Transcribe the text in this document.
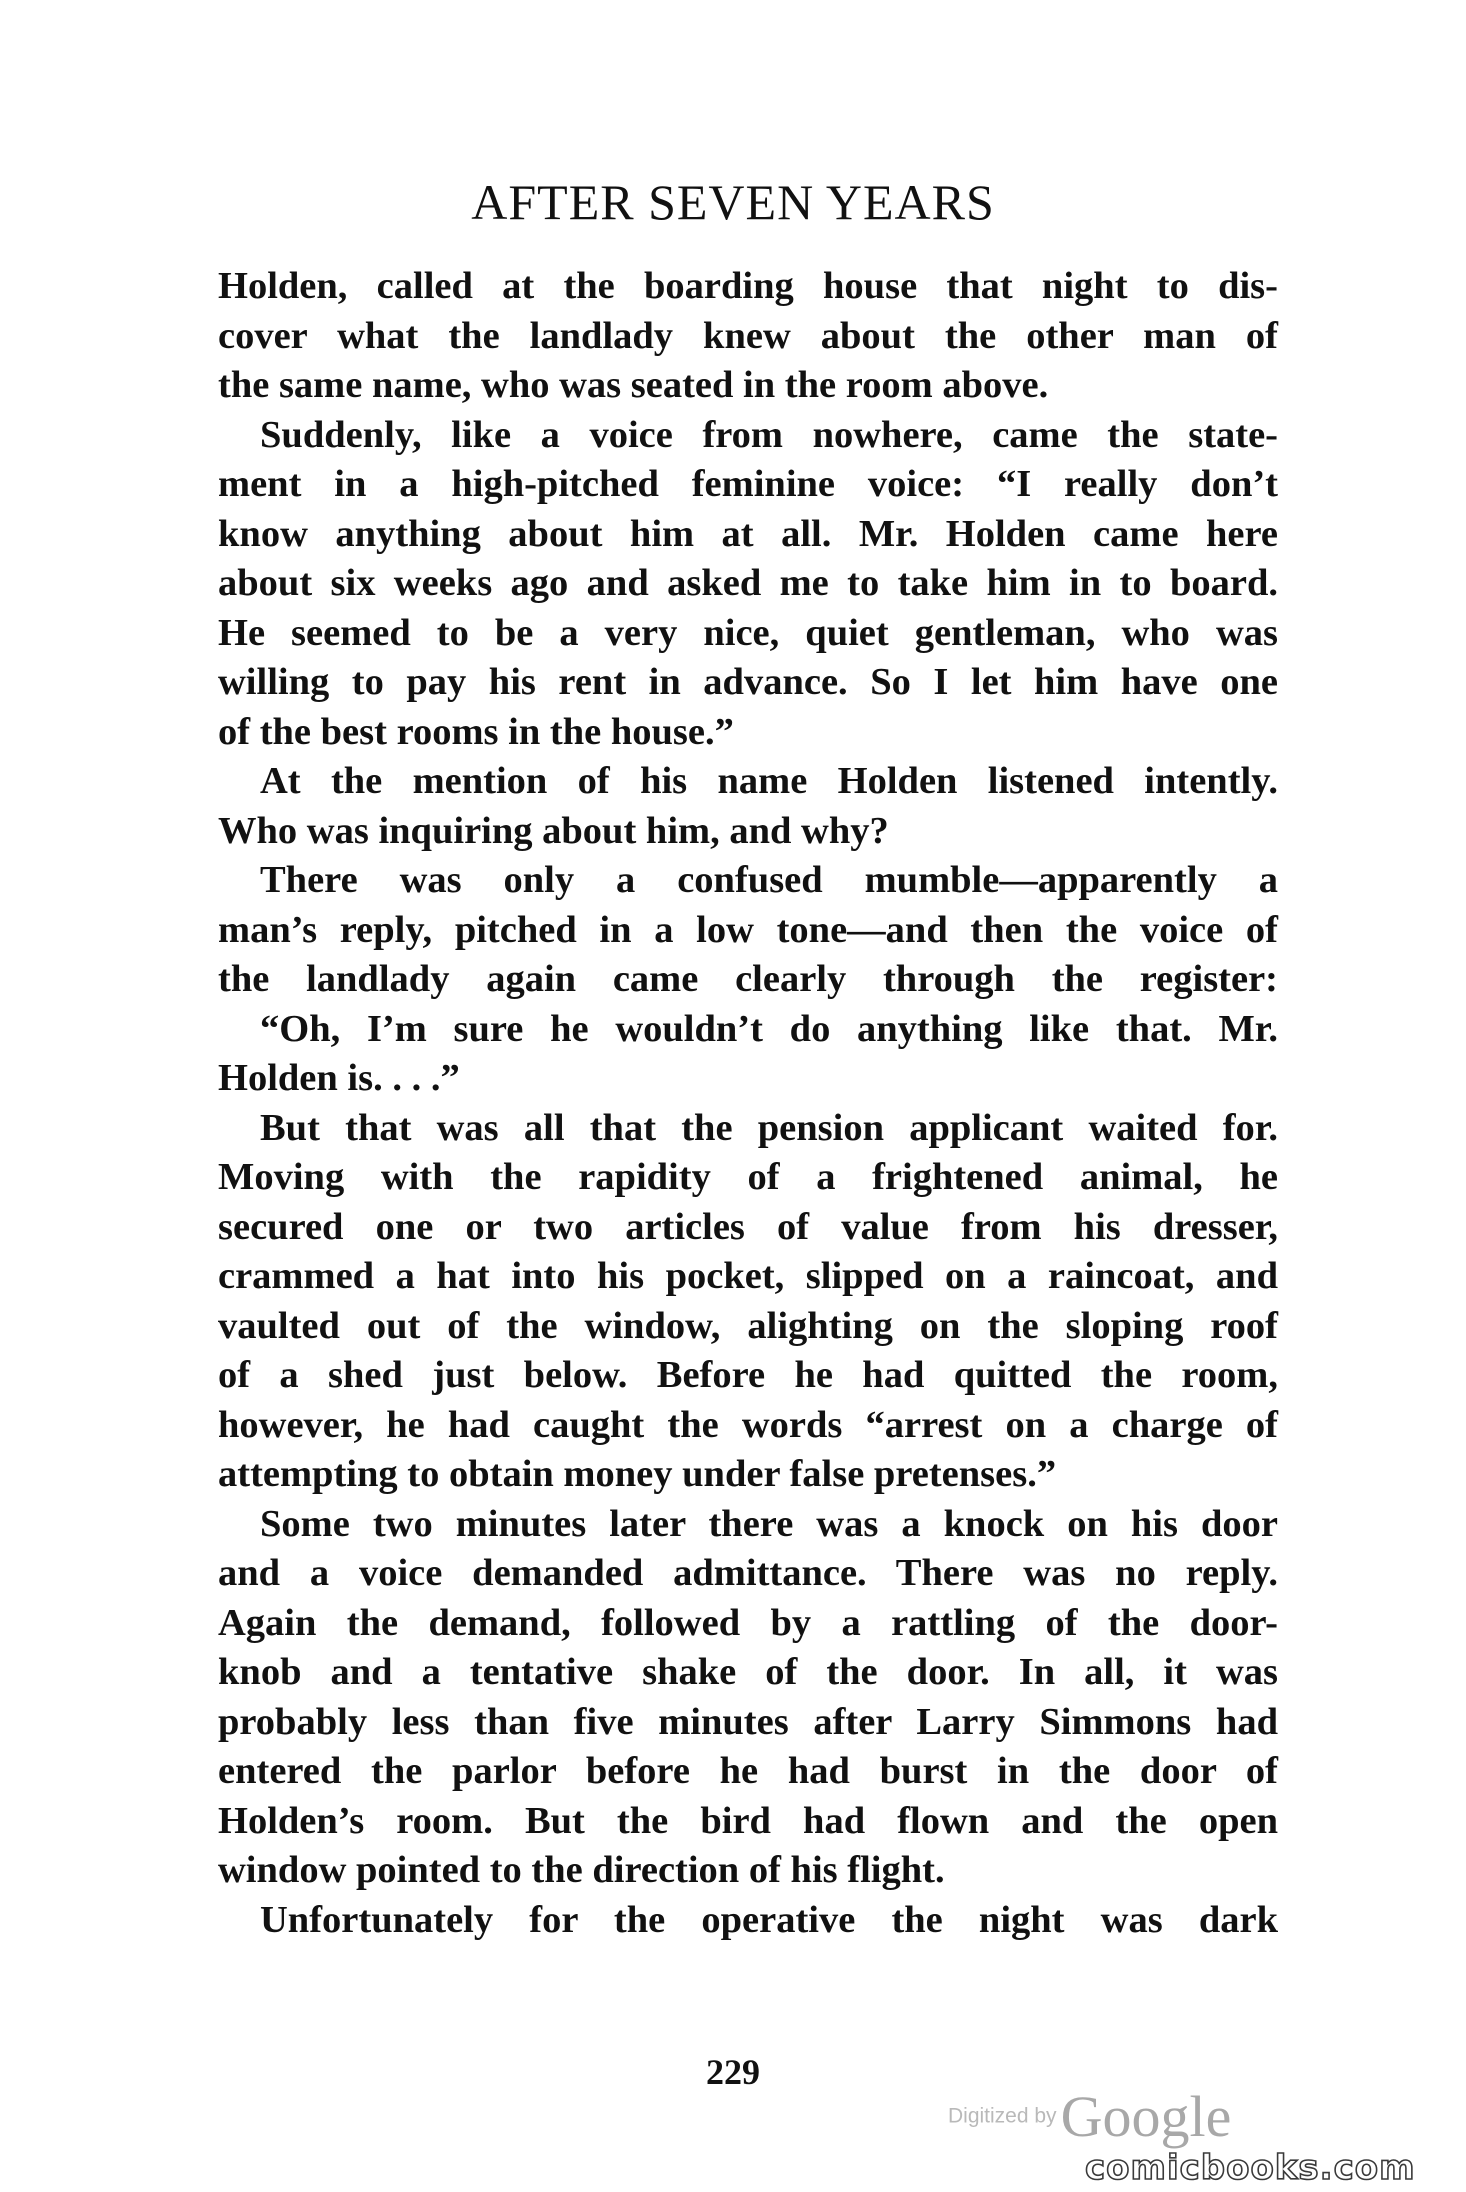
AFTER SEVEN YEARS
Holden, called at the boarding house that night to dis-
cover what the landlady knew about the other man of
the same name, who was seated in the room above.
Suddenly, like a voice from nowhere, came the state-
ment in a high-pitched feminine voice: “I really don’t
know anything about him at all. Mr. Holden came here
about six weeks ago and asked me to take him in to board.
He seemed to be a very nice, quiet gentleman, who was
willing to pay his rent in advance. So I let him have one
of the best rooms in the house.”
At the mention of his name Holden listened intently.
Who was inquiring about him, and why?
There was only a confused mumble—apparently a
man’s reply, pitched in a low tone—and then the voice of
the landlady again came clearly through the register:
“Oh, I’m sure he wouldn’t do anything like that. Mr.
Holden is. . . .”
But that was all that the pension applicant waited for.
Moving with the rapidity of a frightened animal, he
secured one or two articles of value from his dresser,
crammed a hat into his pocket, slipped on a raincoat, and
vaulted out of the window, alighting on the sloping roof
of a shed just below. Before he had quitted the room,
however, he had caught the words “arrest on a charge of
attempting to obtain money under false pretenses.”
Some two minutes later there was a knock on his door
and a voice demanded admittance. There was no reply.
Again the demand, followed by a rattling of the door-
knob and a tentative shake of the door. In all, it was
probably less than five minutes after Larry Simmons had
entered the parlor before he had burst in the door of
Holden’s room. But the bird had flown and the open
window pointed to the direction of his flight.
Unfortunately for the operative the night was dark
229
Digitized by Google
comicbooks.com
